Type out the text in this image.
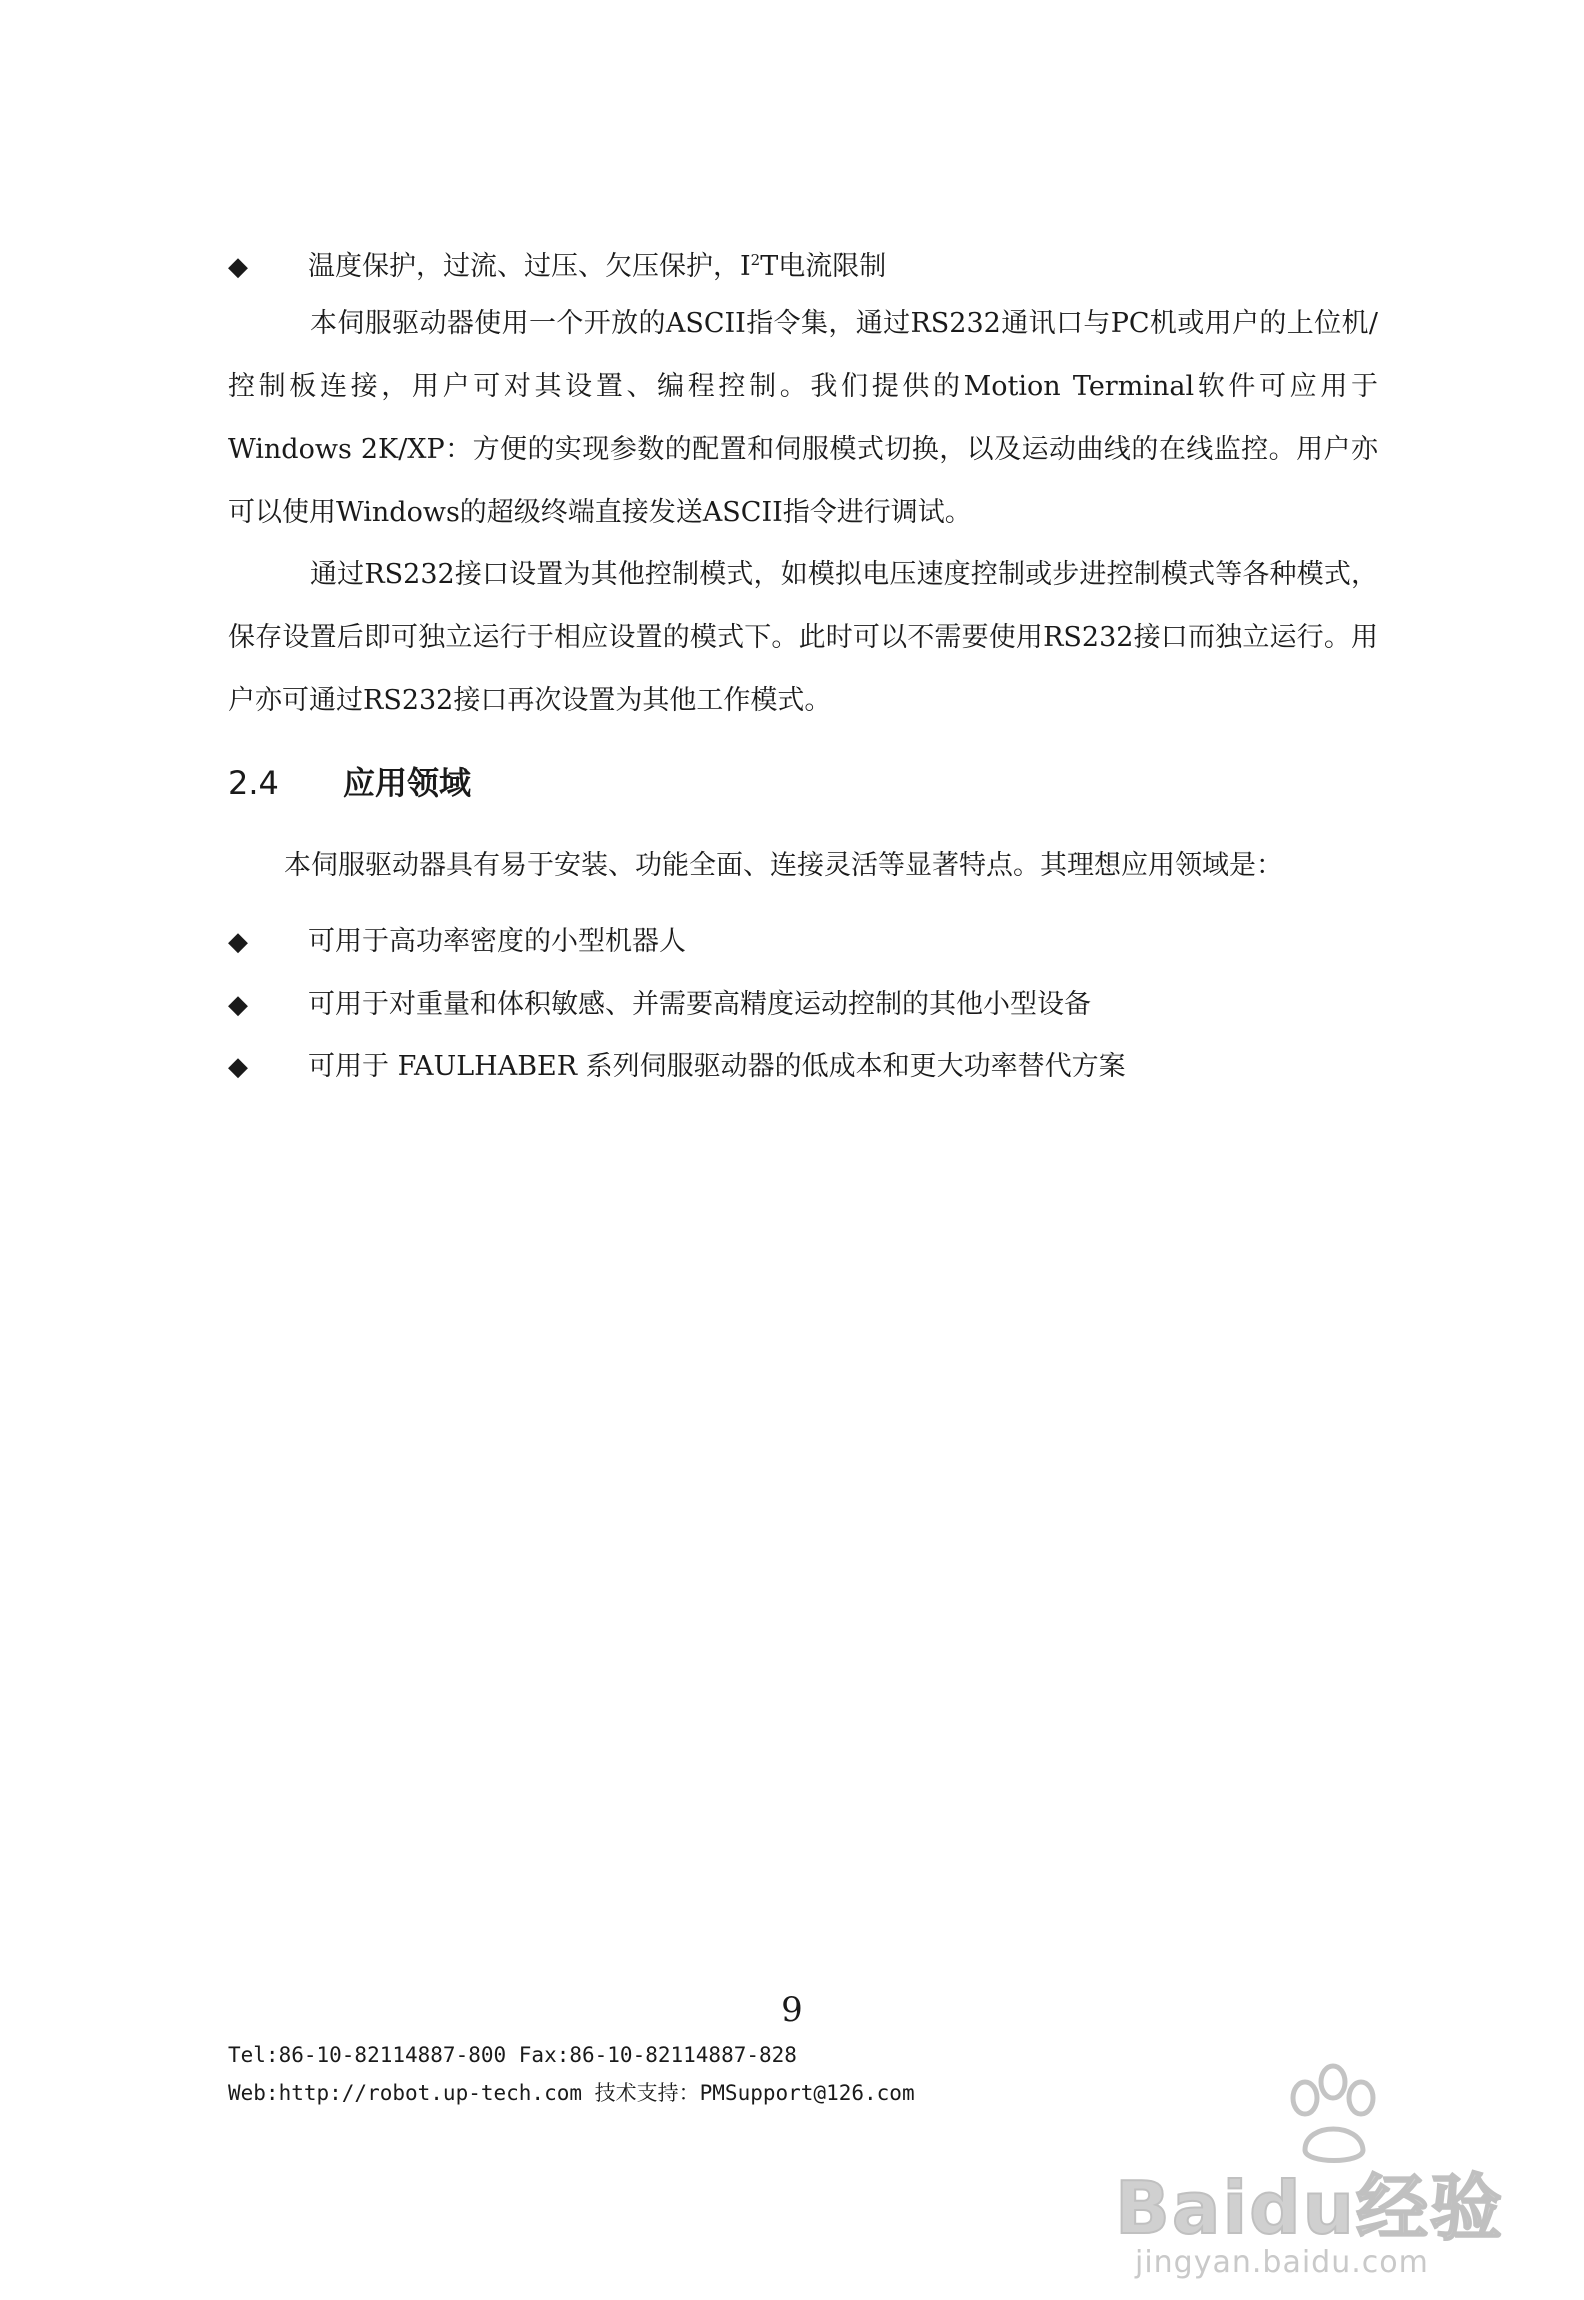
◆ 温度保护，过流、过压、欠压保护，$I^2T$电流限制
本伺服驱动器使用一个开放的ASCII指令集，通过RS232通讯口与PC机或用户的上位机/控制板连接，用户可对其设置、编程控制。我们提供的Motion Terminal软件可应用于Windows 2K/XP：方便的实现参数的配置和伺服模式切换，以及运动曲线的在线监控。用户亦可以使用Windows的超级终端直接发送ASCII指令进行调试。
通过RS232接口设置为其他控制模式，如模拟电压速度控制或步进控制模式等各种模式，保存设置后即可独立运行于相应设置的模式下。此时可以不需要使用RS232接口而独立运行。用户亦可通过RS232接口再次设置为其他工作模式。
2.4 应用领域
本伺服驱动器具有易于安装、功能全面、连接灵活等显著特点。其理想应用领域是：
◆ 可用于高功率密度的小型机器人
◆ 可用于对重量和体积敏感、并需要高精度运动控制的其他小型设备
◆ 可用于 FAULHABER 系列伺服驱动器的低成本和更大功率替代方案
9
Tel:86-10-82114887-800 Fax:86-10-82114887-828
Web:http://robot.up-tech.com 技术支持：PMSupport@126.com
Baidu经验
jingyan.baidu.com
